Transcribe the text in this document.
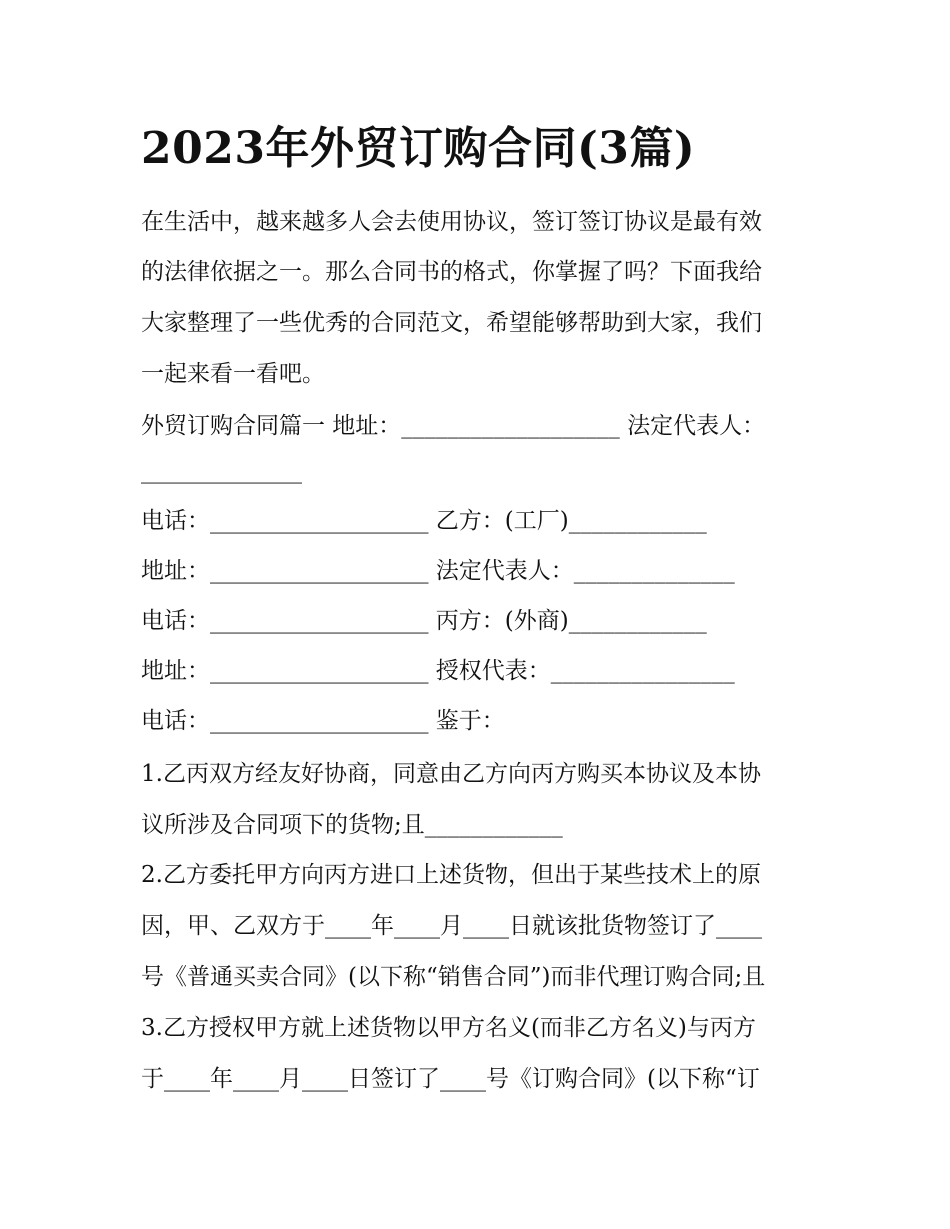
2023年外贸订购合同(3篇)
在生活中，越来越多人会去使用协议，签订签订协议是最有效
的法律依据之一。那么合同书的格式，你掌握了吗？下面我给
大家整理了一些优秀的合同范文，希望能够帮助到大家，我们
一起来看一看吧。
外贸订购合同篇一 地址：___________________ 法定代表人：
______________
电话：___________________ 乙方：(工厂)____________
地址：___________________ 法定代表人：______________
电话：___________________ 丙方：(外商)____________
地址：___________________ 授权代表：________________
电话：___________________ 鉴于：
1.乙丙双方经友好协商，同意由乙方向丙方购买本协议及本协
议所涉及合同项下的货物;且____________
2.乙方委托甲方向丙方进口上述货物，但出于某些技术上的原
因，甲、乙双方于____年____月____日就该批货物签订了____
号《普通买卖合同》(以下称“销售合同”)而非代理订购合同;且
3.乙方授权甲方就上述货物以甲方名义(而非乙方名义)与丙方
于____年____月____日签订了____号《订购合同》(以下称“订
